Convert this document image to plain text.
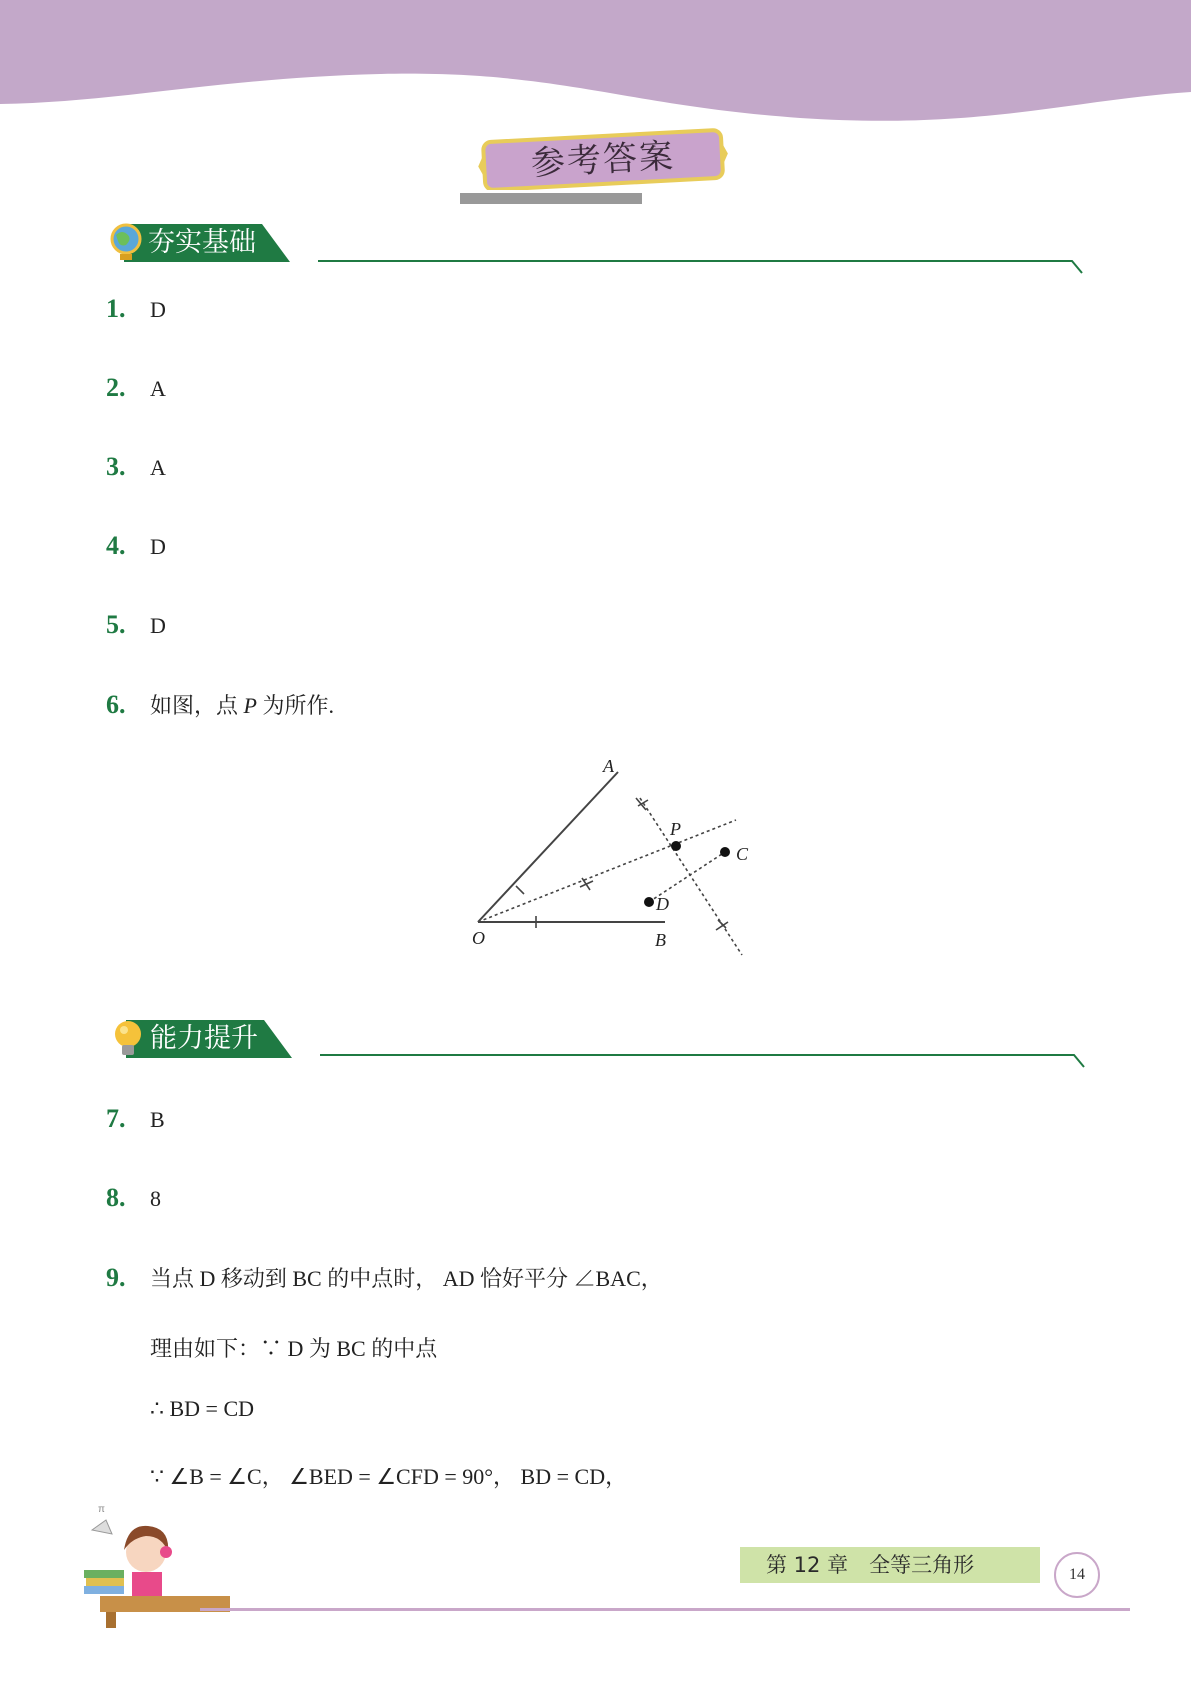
参考答案
夯实基础
1. D
2. A
3. A
4. D
5. D
6. 如图，点 P 为所作.
A
P
C
D
O	B
能力提升
7. B
8. 8
9. 当点 D 移动到 BC 的中点时， AD 恰好平分 ∠BAC，
理由如下：∵ D 为 BC 的中点
∴ BD = CD
∵ ∠B = ∠C， ∠BED = ∠CFD = 90°， BD = CD，
π
第 12 章　全等三角形	14
